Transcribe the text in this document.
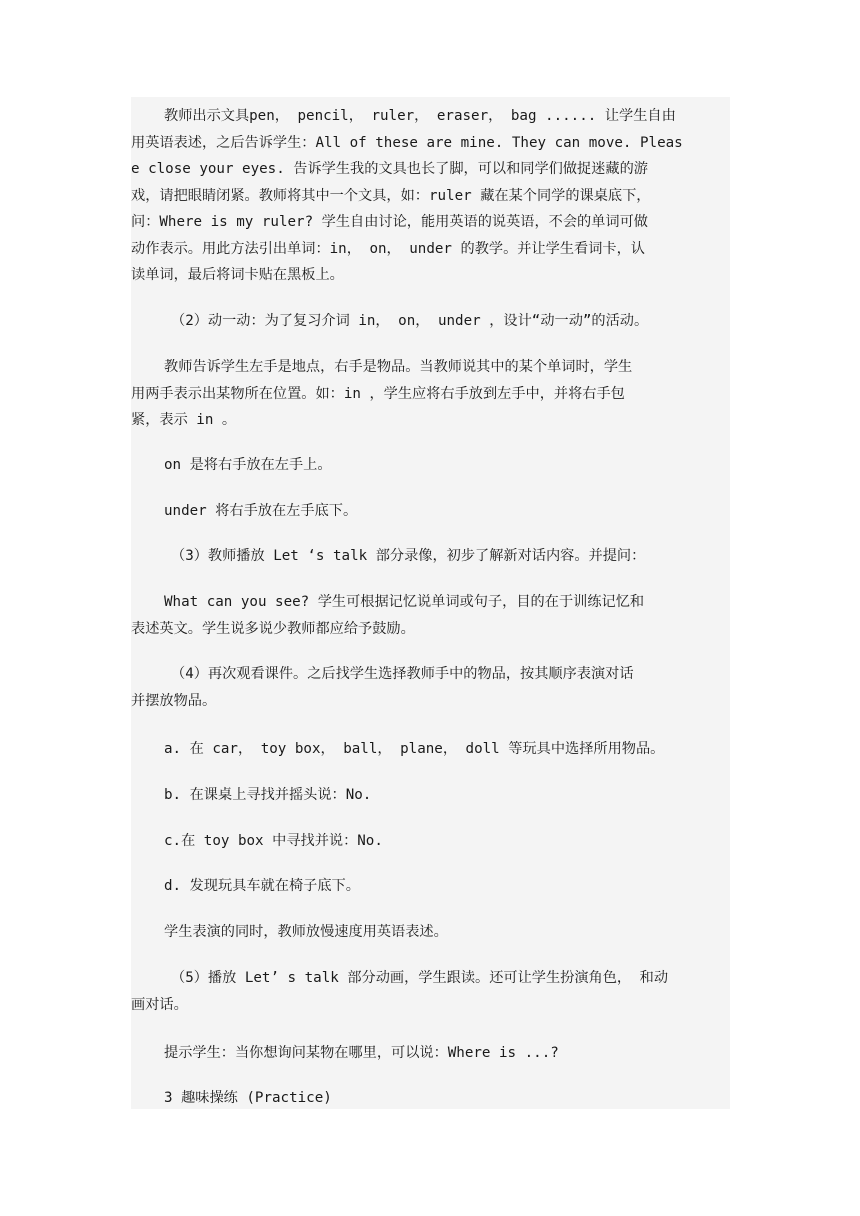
教师出示文具pen， pencil， ruler， eraser， bag ...... 让学生自由
用英语表述，之后告诉学生：All of these are mine. They can move. Pleas
e close your eyes. 告诉学生我的文具也长了脚，可以和同学们做捉迷藏的游
戏，请把眼睛闭紧。教师将其中一个文具，如：ruler 藏在某个同学的课桌底下，
问：Where is my ruler? 学生自由讨论，能用英语的说英语，不会的单词可做
动作表示。用此方法引出单词：in， on， under 的教学。并让学生看词卡，认
读单词，最后将词卡贴在黑板上。
（2）动一动：为了复习介词 in， on， under ，设计“动一动”的活动。
教师告诉学生左手是地点，右手是物品。当教师说其中的某个单词时，学生
用两手表示出某物所在位置。如：in ，学生应将右手放到左手中，并将右手包
紧，表示 in 。
on 是将右手放在左手上。
under 将右手放在左手底下。
（3）教师播放 Let ‘s talk 部分录像，初步了解新对话内容。并提问：
What can you see? 学生可根据记忆说单词或句子，目的在于训练记忆和
表述英文。学生说多说少教师都应给予鼓励。
（4）再次观看课件。之后找学生选择教师手中的物品，按其顺序表演对话
并摆放物品。
a. 在 car， toy box， ball， plane， doll 等玩具中选择所用物品。
b. 在课桌上寻找并摇头说：No.
c.在 toy box 中寻找并说：No.
d. 发现玩具车就在椅子底下。
学生表演的同时，教师放慢速度用英语表述。
（5）播放 Let’ s talk 部分动画，学生跟读。还可让学生扮演角色， 和动
画对话。
提示学生：当你想询问某物在哪里，可以说：Where is ...?
3 趣味操练 (Practice)
